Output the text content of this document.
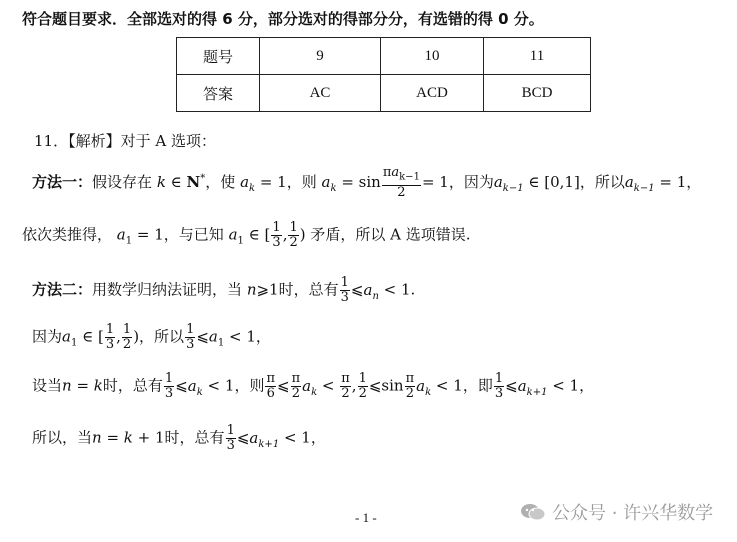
符合题目要求．全部选对的得 6 分，部分选对的得部分分，有选错的得 0 分。
题号	9	10	11
答案	AC	ACD	BCD
11．【解析】对于 A 选项：
方法一：假设存在 k ∈ N*，使 $a_k = 1$，则 $a_k = \sin \frac{\pi a_{k-1}}{2} = 1$，因为$a_{k-1}$ ∈ [0,1]，所以$a_{k-1} = 1$，
依次类推得， $a_1 = 1$，与已知 $a_1$ ∈ [ $\frac{1}{3}$ , $\frac{1}{2}$ ) 矛盾，所以 A 选项错误.
方法二：用数学归纳法证明，当 n⩾1时，总有 $\frac{1}{3}$ $⩽a_n < 1$.
因为$a_1$ ∈ [ $\frac{1}{3}$ , $\frac{1}{2}$ )，所以 $\frac{1}{3}$ $⩽a_1 < 1$，
设当n = k时，总有 $\frac{1}{3}$ $⩽a_k < 1$，则 $\frac{\pi}{6}$ ⩽ $\frac{\pi}{2} a_k < \frac{\pi}{2}$ , $\frac{1}{2}$ ⩽sin $\frac{\pi}{2} a_k < 1$，即 $\frac{1}{3}$ $⩽a_{k+1} < 1$，
所以，当n = k + 1时，总有 $\frac{1}{3}$ $⩽a_{k+1} < 1$，
- 1 -	公众号 · 许兴华数学
